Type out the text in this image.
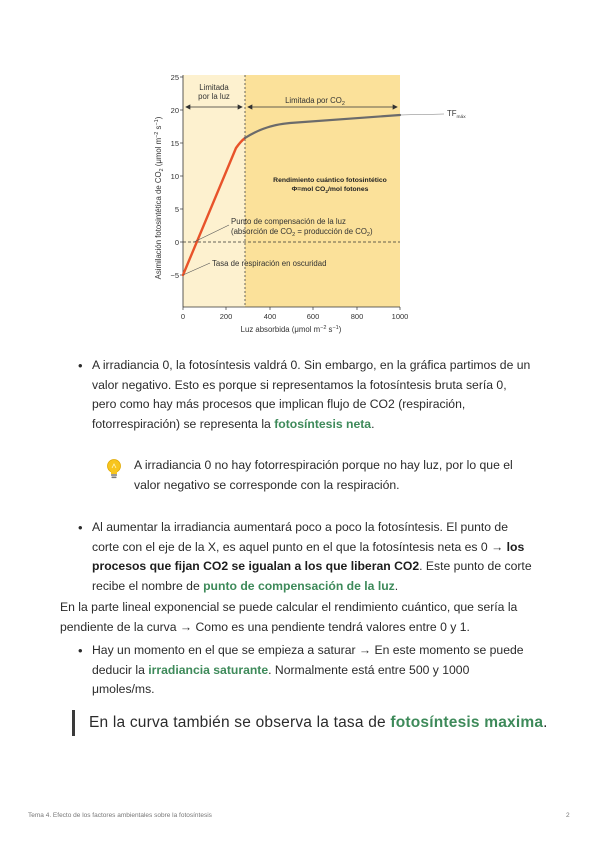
25
20
15
10
5
0
−5
0	200	400	600	800	1000
Luz absorbida (μmol $m^{-2}$ $s^{-1}$)
Asimilación fotosintética de $CO_2$ (μmol $m^{-2}$ $s^{-1}$)
Limitada
por la luz	Limitada por $CO_2$
$TF_{máx}$
Rendimiento cuántico fotosintético
Φ=mol $CO_2$/mol fotones
Punto de compensación de la luz
(absorción de $CO_2$ = producción de $CO_2$)
Tasa de respiración en oscuridad
• A irradiancia 0, la fotosíntesis valdrá 0. Sin embargo, en la gráfica partimos de un valor negativo. Esto es porque si representamos la fotosíntesis bruta sería 0, pero como hay más procesos que implican flujo de CO2 (respiración, fotorrespiración) se representa la fotosíntesis neta.
A irradiancia 0 no hay fotorrespiración porque no hay luz, por lo que el valor negativo se corresponde con la respiración.
• Al aumentar la irradiancia aumentará poco a poco la fotosíntesis. El punto de corte con el eje de la X, es aquel punto en el que la fotosíntesis neta es 0 → los procesos que fijan CO2 se igualan a los que liberan CO2. Este punto de corte recibe el nombre de punto de compensación de la luz.
En la parte lineal exponencial se puede calcular el rendimiento cuántico, que sería la pendiente de la curva → Como es una pendiente tendrá valores entre 0 y 1.
• Hay un momento en el que se empieza a saturar → En este momento se puede deducir la irradiancia saturante. Normalmente está entre 500 y 1000 μmoles/ms.
En la curva también se observa la tasa de fotosíntesis maxima.
Tema 4. Efecto de los factores ambientales sobre la fotosíntesis	2
